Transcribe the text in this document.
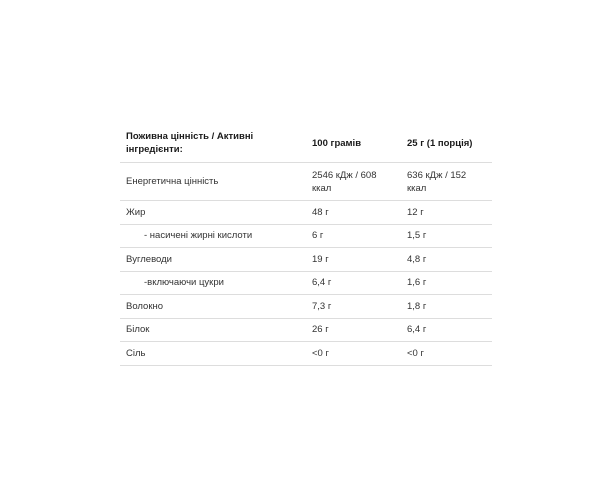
Поживна цінність / Активні інгредієнти:	100 грамів	25 г (1 порція)
Енергетична цінність	2546 кДж / 608 ккал	636 кДж / 152 ккал
Жир	48 г	12 г
- насичені жирні кислоти	6 г	1,5 г
Вуглеводи	19 г	4,8 г
-включаючи цукри	6,4 г	1,6 г
Волокно	7,3 г	1,8 г
Білок	26 г	6,4 г
Сіль	<0 г	<0 г
